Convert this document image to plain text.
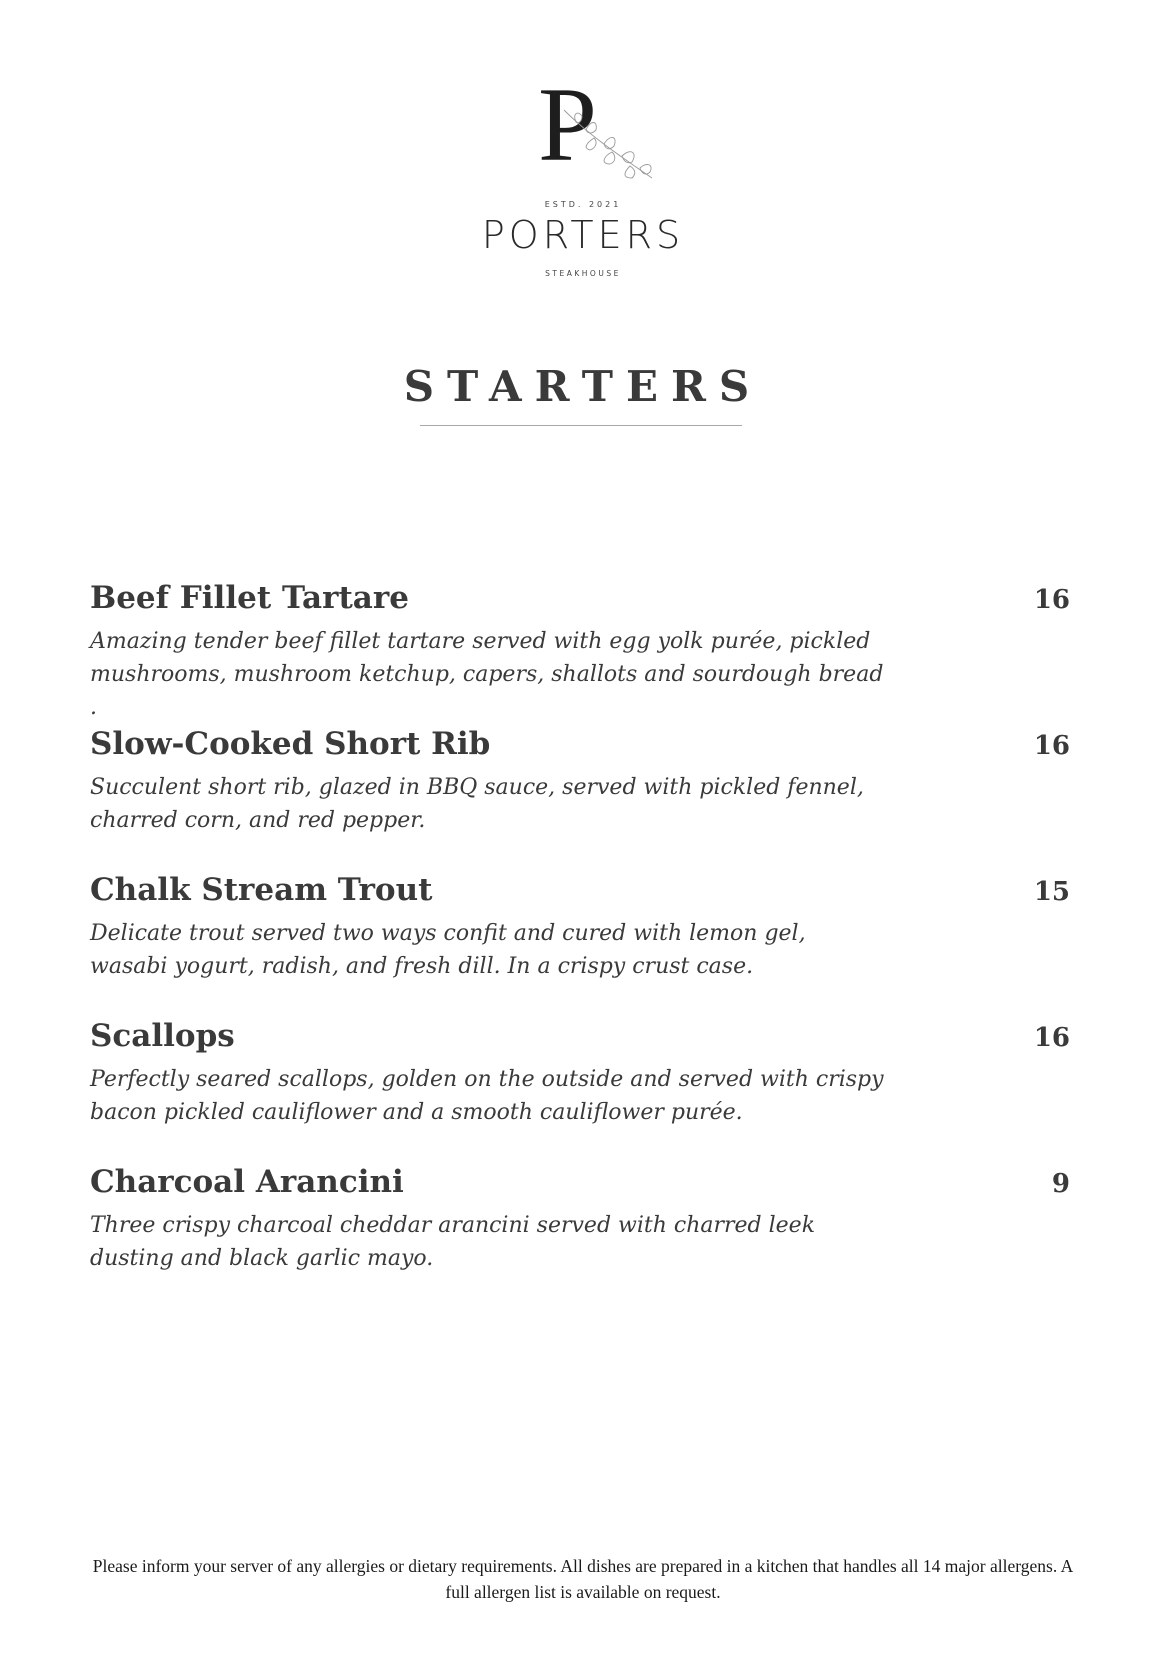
P
ESTD. 2021
PORTERS
STEAKHOUSE
STARTERS
Beef Fillet Tartare	16
Amazing tender beef fillet tartare served with egg yolk purée, pickled mushrooms, mushroom ketchup, capers, shallots and sourdough bread .
Slow-Cooked Short Rib	16
Succulent short rib, glazed in BBQ sauce, served with pickled fennel, charred corn, and red pepper.
Chalk Stream Trout	15
Delicate trout served two ways confit and cured with lemon gel, wasabi yogurt, radish, and fresh dill. In a crispy crust case.
Scallops	16
Perfectly seared scallops, golden on the outside and served with crispy bacon pickled cauliflower and a smooth cauliflower purée.
Charcoal Arancini	9
Three crispy charcoal cheddar arancini served with charred leek dusting and black garlic mayo.
Please inform your server of any allergies or dietary requirements. All dishes are prepared in a kitchen that handles all 14 major allergens. A full allergen list is available on request.
